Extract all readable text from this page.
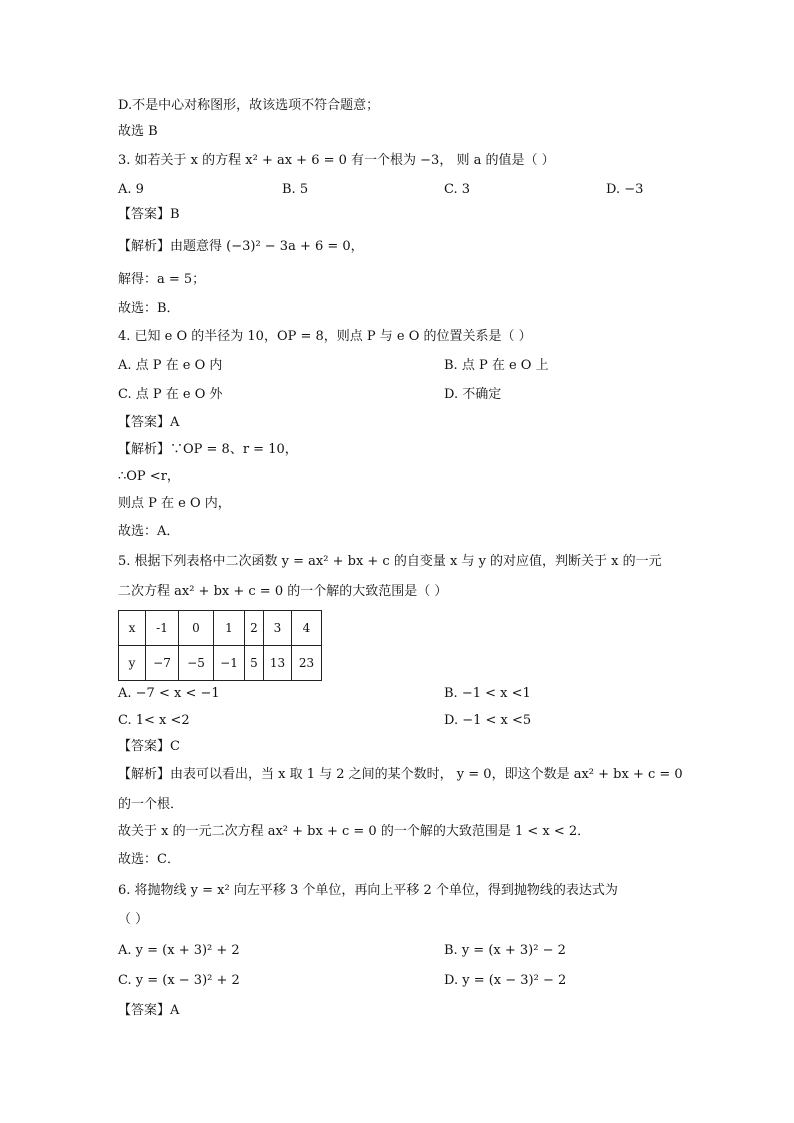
D.不是中心对称图形，故该选项不符合题意；
故选 B
3. 如若关于 x 的方程 x² + ax + 6 = 0 有一个根为 −3， 则 a 的值是（ ）
A. 9	B. 5	C. 3	D. −3
【答案】B
【解析】由题意得 (−3)² − 3a + 6 = 0，
解得：a = 5；
故选：B．
4. 已知 e O 的半径为 10，OP = 8，则点 P 与 e O 的位置关系是（ ）
A. 点 P 在 e O 内	B. 点 P 在 e O 上
C. 点 P 在 e O 外	D. 不确定
【答案】A
【解析】∵OP = 8、r = 10，
∴OP <r，
则点 P 在 e O 内，
故选：A．
5. 根据下列表格中二次函数 y = ax² + bx + c 的自变量 x 与 y 的对应值，判断关于 x 的一元
二次方程 ax² + bx + c = 0 的一个解的大致范围是（ ）
x	-1	0	1	2	3	4
y	−7	−5	−1	5	13	23
A. −7 < x < −1	B. −1 < x <1
C. 1< x <2	D. −1 < x <5
【答案】C
【解析】由表可以看出，当 x 取 1 与 2 之间的某个数时， y = 0，即这个数是 ax² + bx + c = 0
的一个根．
故关于 x 的一元二次方程 ax² + bx + c = 0 的一个解的大致范围是 1 < x < 2．
故选：C．
6. 将抛物线 y = x² 向左平移 3 个单位，再向上平移 2 个单位，得到抛物线的表达式为
（ ）
A. y = (x + 3)² + 2	B. y = (x + 3)² − 2
C. y = (x − 3)² + 2	D. y = (x − 3)² − 2
【答案】A
